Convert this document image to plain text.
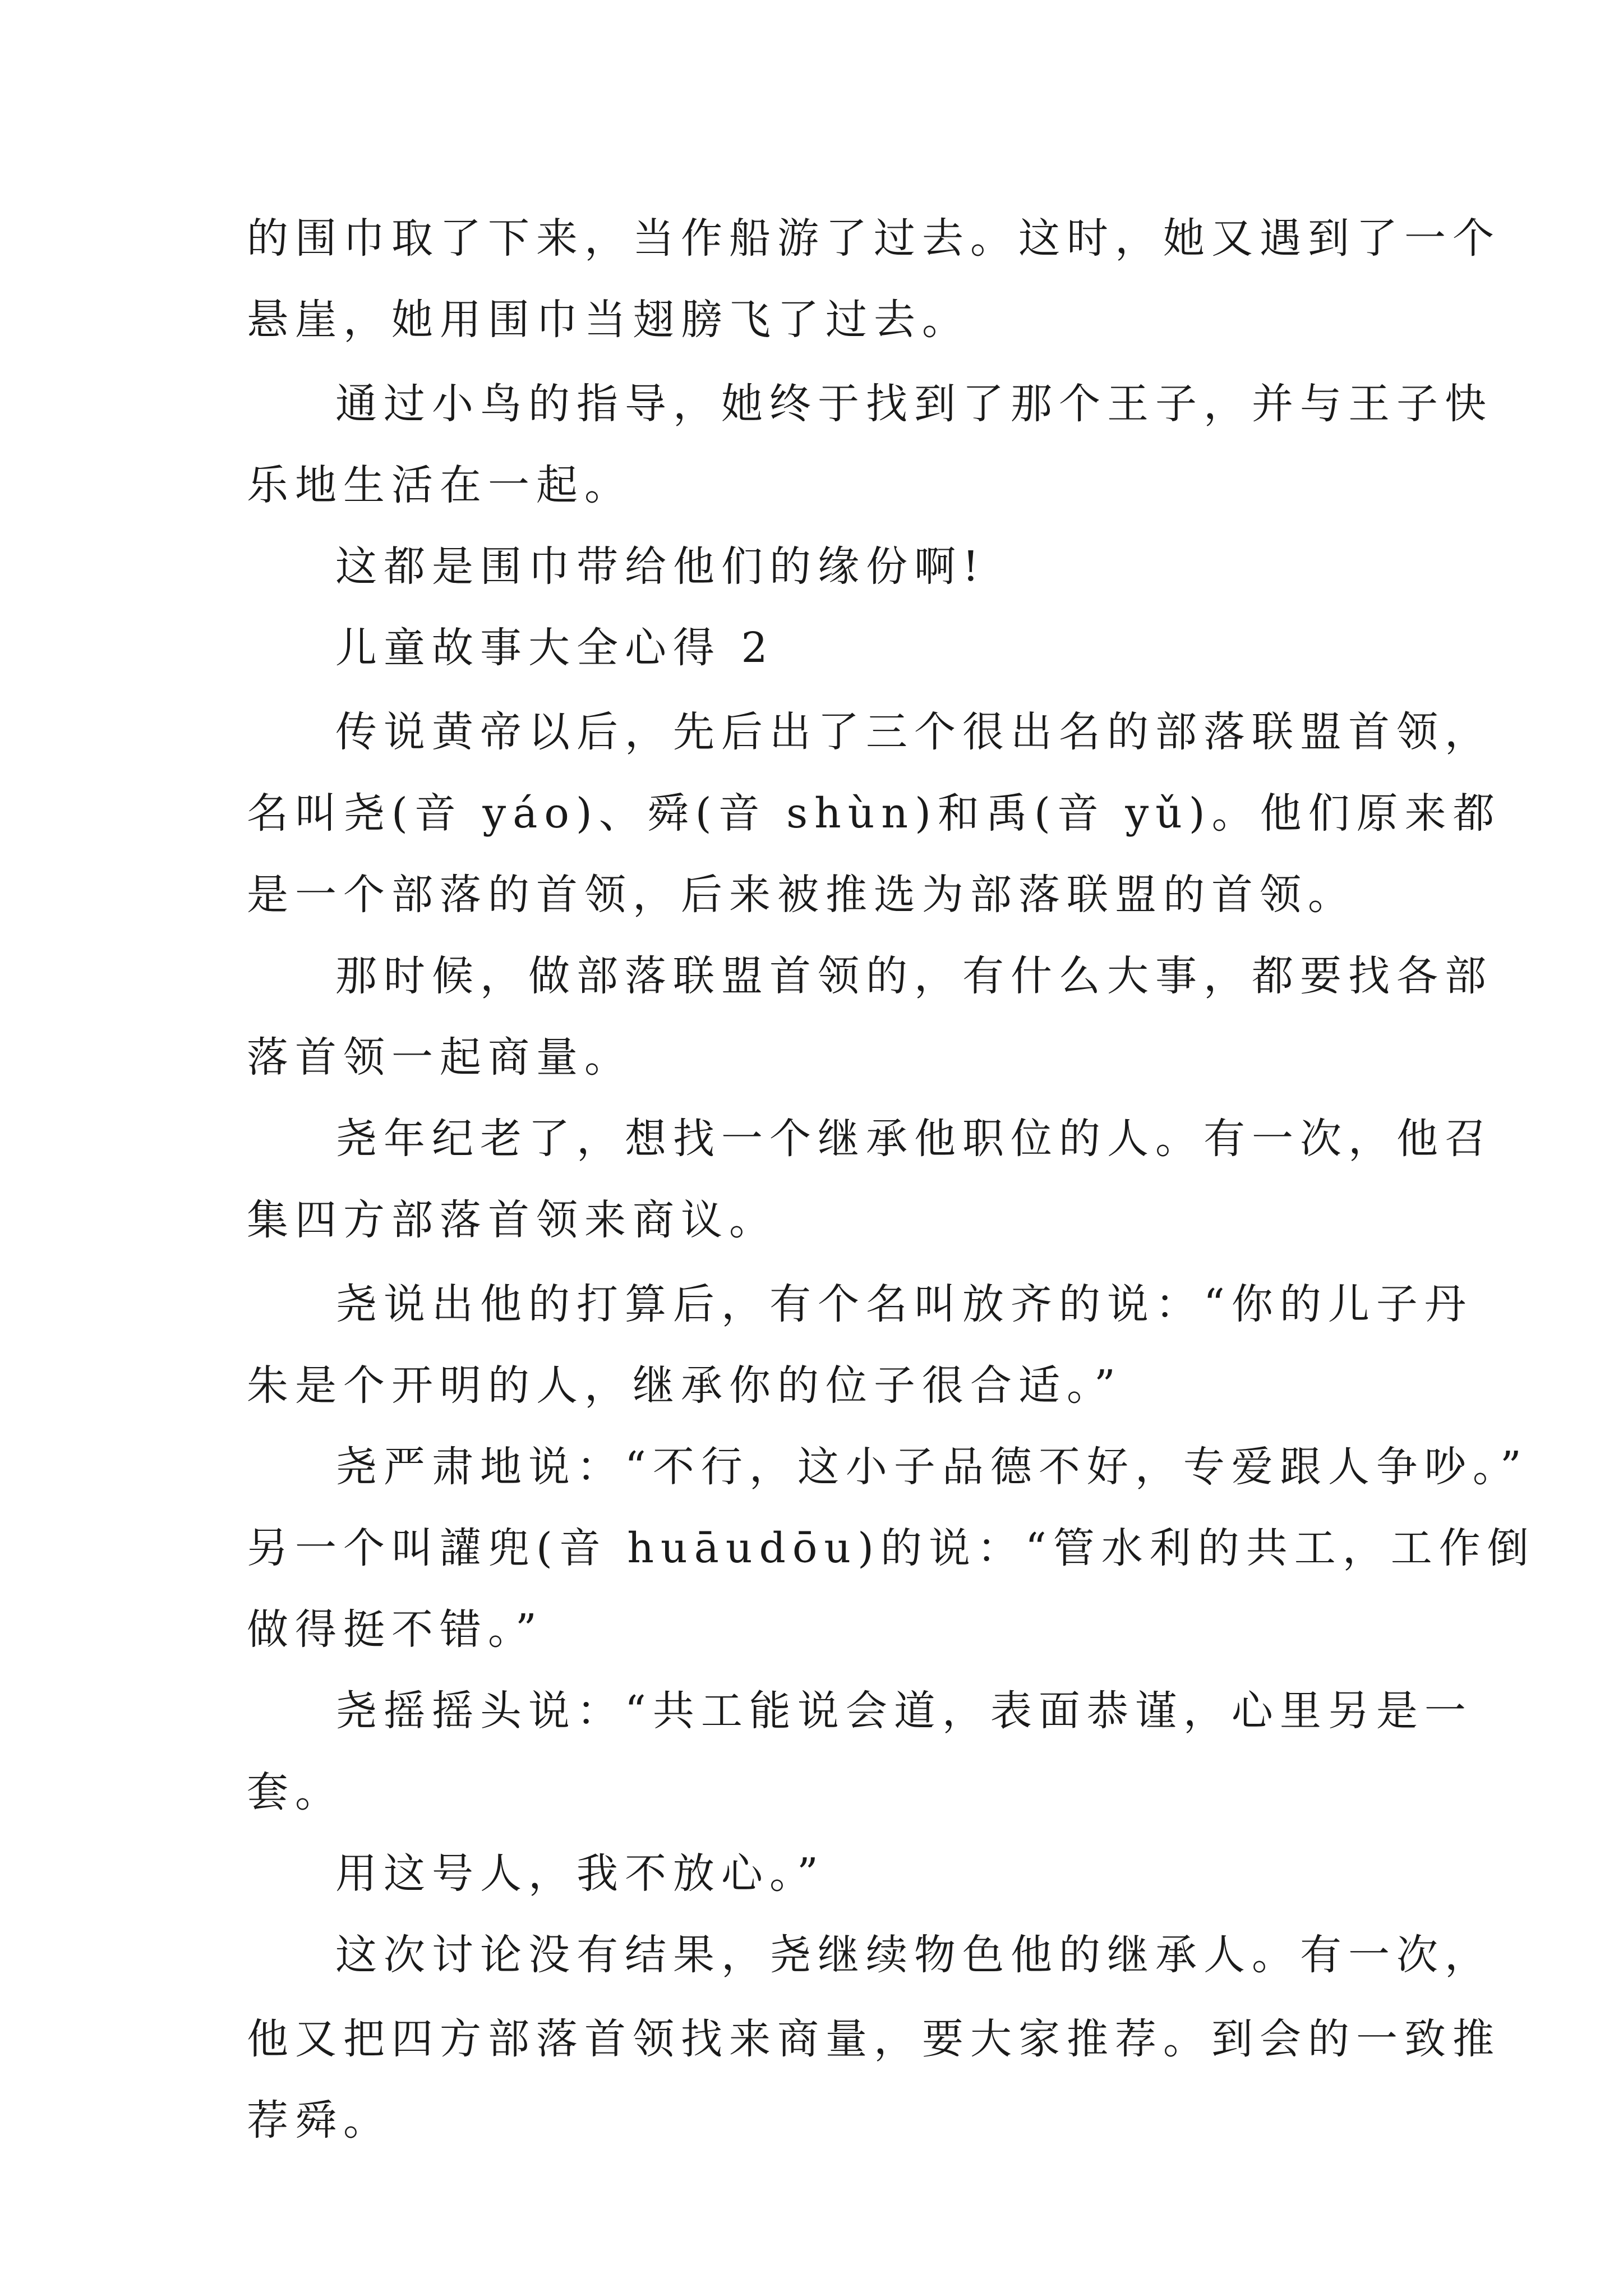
的围巾取了下来，当作船游了过去。这时，她又遇到了一个
悬崖，她用围巾当翅膀飞了过去。
通过小鸟的指导，她终于找到了那个王子，并与王子快
乐地生活在一起。
这都是围巾带给他们的缘份啊!
儿童故事大全心得 2
传说黄帝以后，先后出了三个很出名的部落联盟首领，
名叫尧(音 yáo)、舜(音 shùn)和禹(音 yǔ)。他们原来都
是一个部落的首领，后来被推选为部落联盟的首领。
那时候，做部落联盟首领的，有什么大事，都要找各部
落首领一起商量。
尧年纪老了，想找一个继承他职位的人。有一次，他召
集四方部落首领来商议。
尧说出他的打算后，有个名叫放齐的说：“你的儿子丹
朱是个开明的人，继承你的位子很合适。”
尧严肃地说：“不行，这小子品德不好，专爱跟人争吵。”
另一个叫讙兜(音 huāudōu)的说：“管水利的共工，工作倒
做得挺不错。”
尧摇摇头说：“共工能说会道，表面恭谨，心里另是一
套。
用这号人，我不放心。”
这次讨论没有结果，尧继续物色他的继承人。有一次，
他又把四方部落首领找来商量，要大家推荐。到会的一致推
荐舜。
